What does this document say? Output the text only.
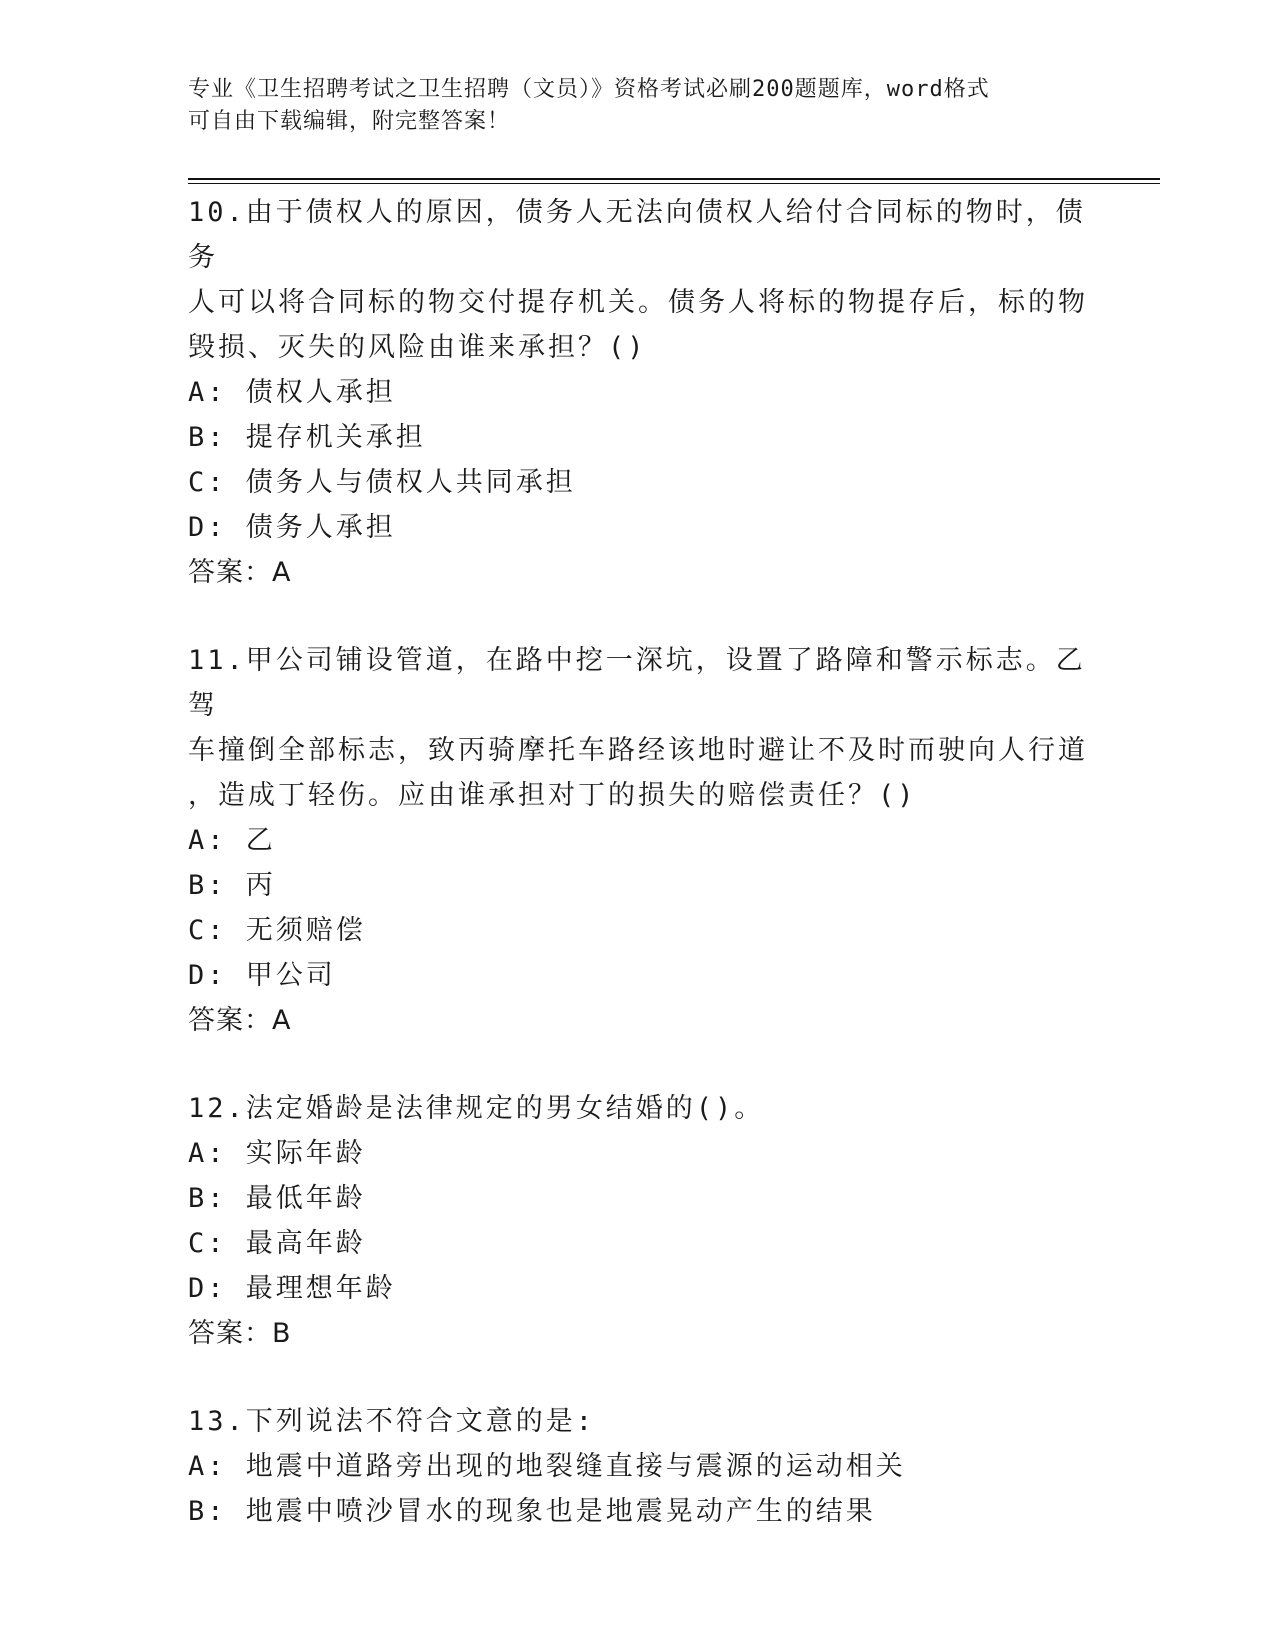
专业《卫生招聘考试之卫生招聘（文员）》资格考试必刷200题题库，word格式
可自由下载编辑，附完整答案！
10.由于债权人的原因，债务人无法向债权人给付合同标的物时，债务
人可以将合同标的物交付提存机关。债务人将标的物提存后，标的物
毁损、灭失的风险由谁来承担？()
A: 债权人承担
B: 提存机关承担
C: 债务人与债权人共同承担
D: 债务人承担
答案：A
11.甲公司铺设管道，在路中挖一深坑，设置了路障和警示标志。乙驾
车撞倒全部标志，致丙骑摩托车路经该地时避让不及时而驶向人行道
，造成丁轻伤。应由谁承担对丁的损失的赔偿责任？()
A: 乙
B: 丙
C: 无须赔偿
D: 甲公司
答案：A
12.法定婚龄是法律规定的男女结婚的()。
A: 实际年龄
B: 最低年龄
C: 最高年龄
D: 最理想年龄
答案：B
13.下列说法不符合文意的是:
A: 地震中道路旁出现的地裂缝直接与震源的运动相关
B: 地震中喷沙冒水的现象也是地震晃动产生的结果
